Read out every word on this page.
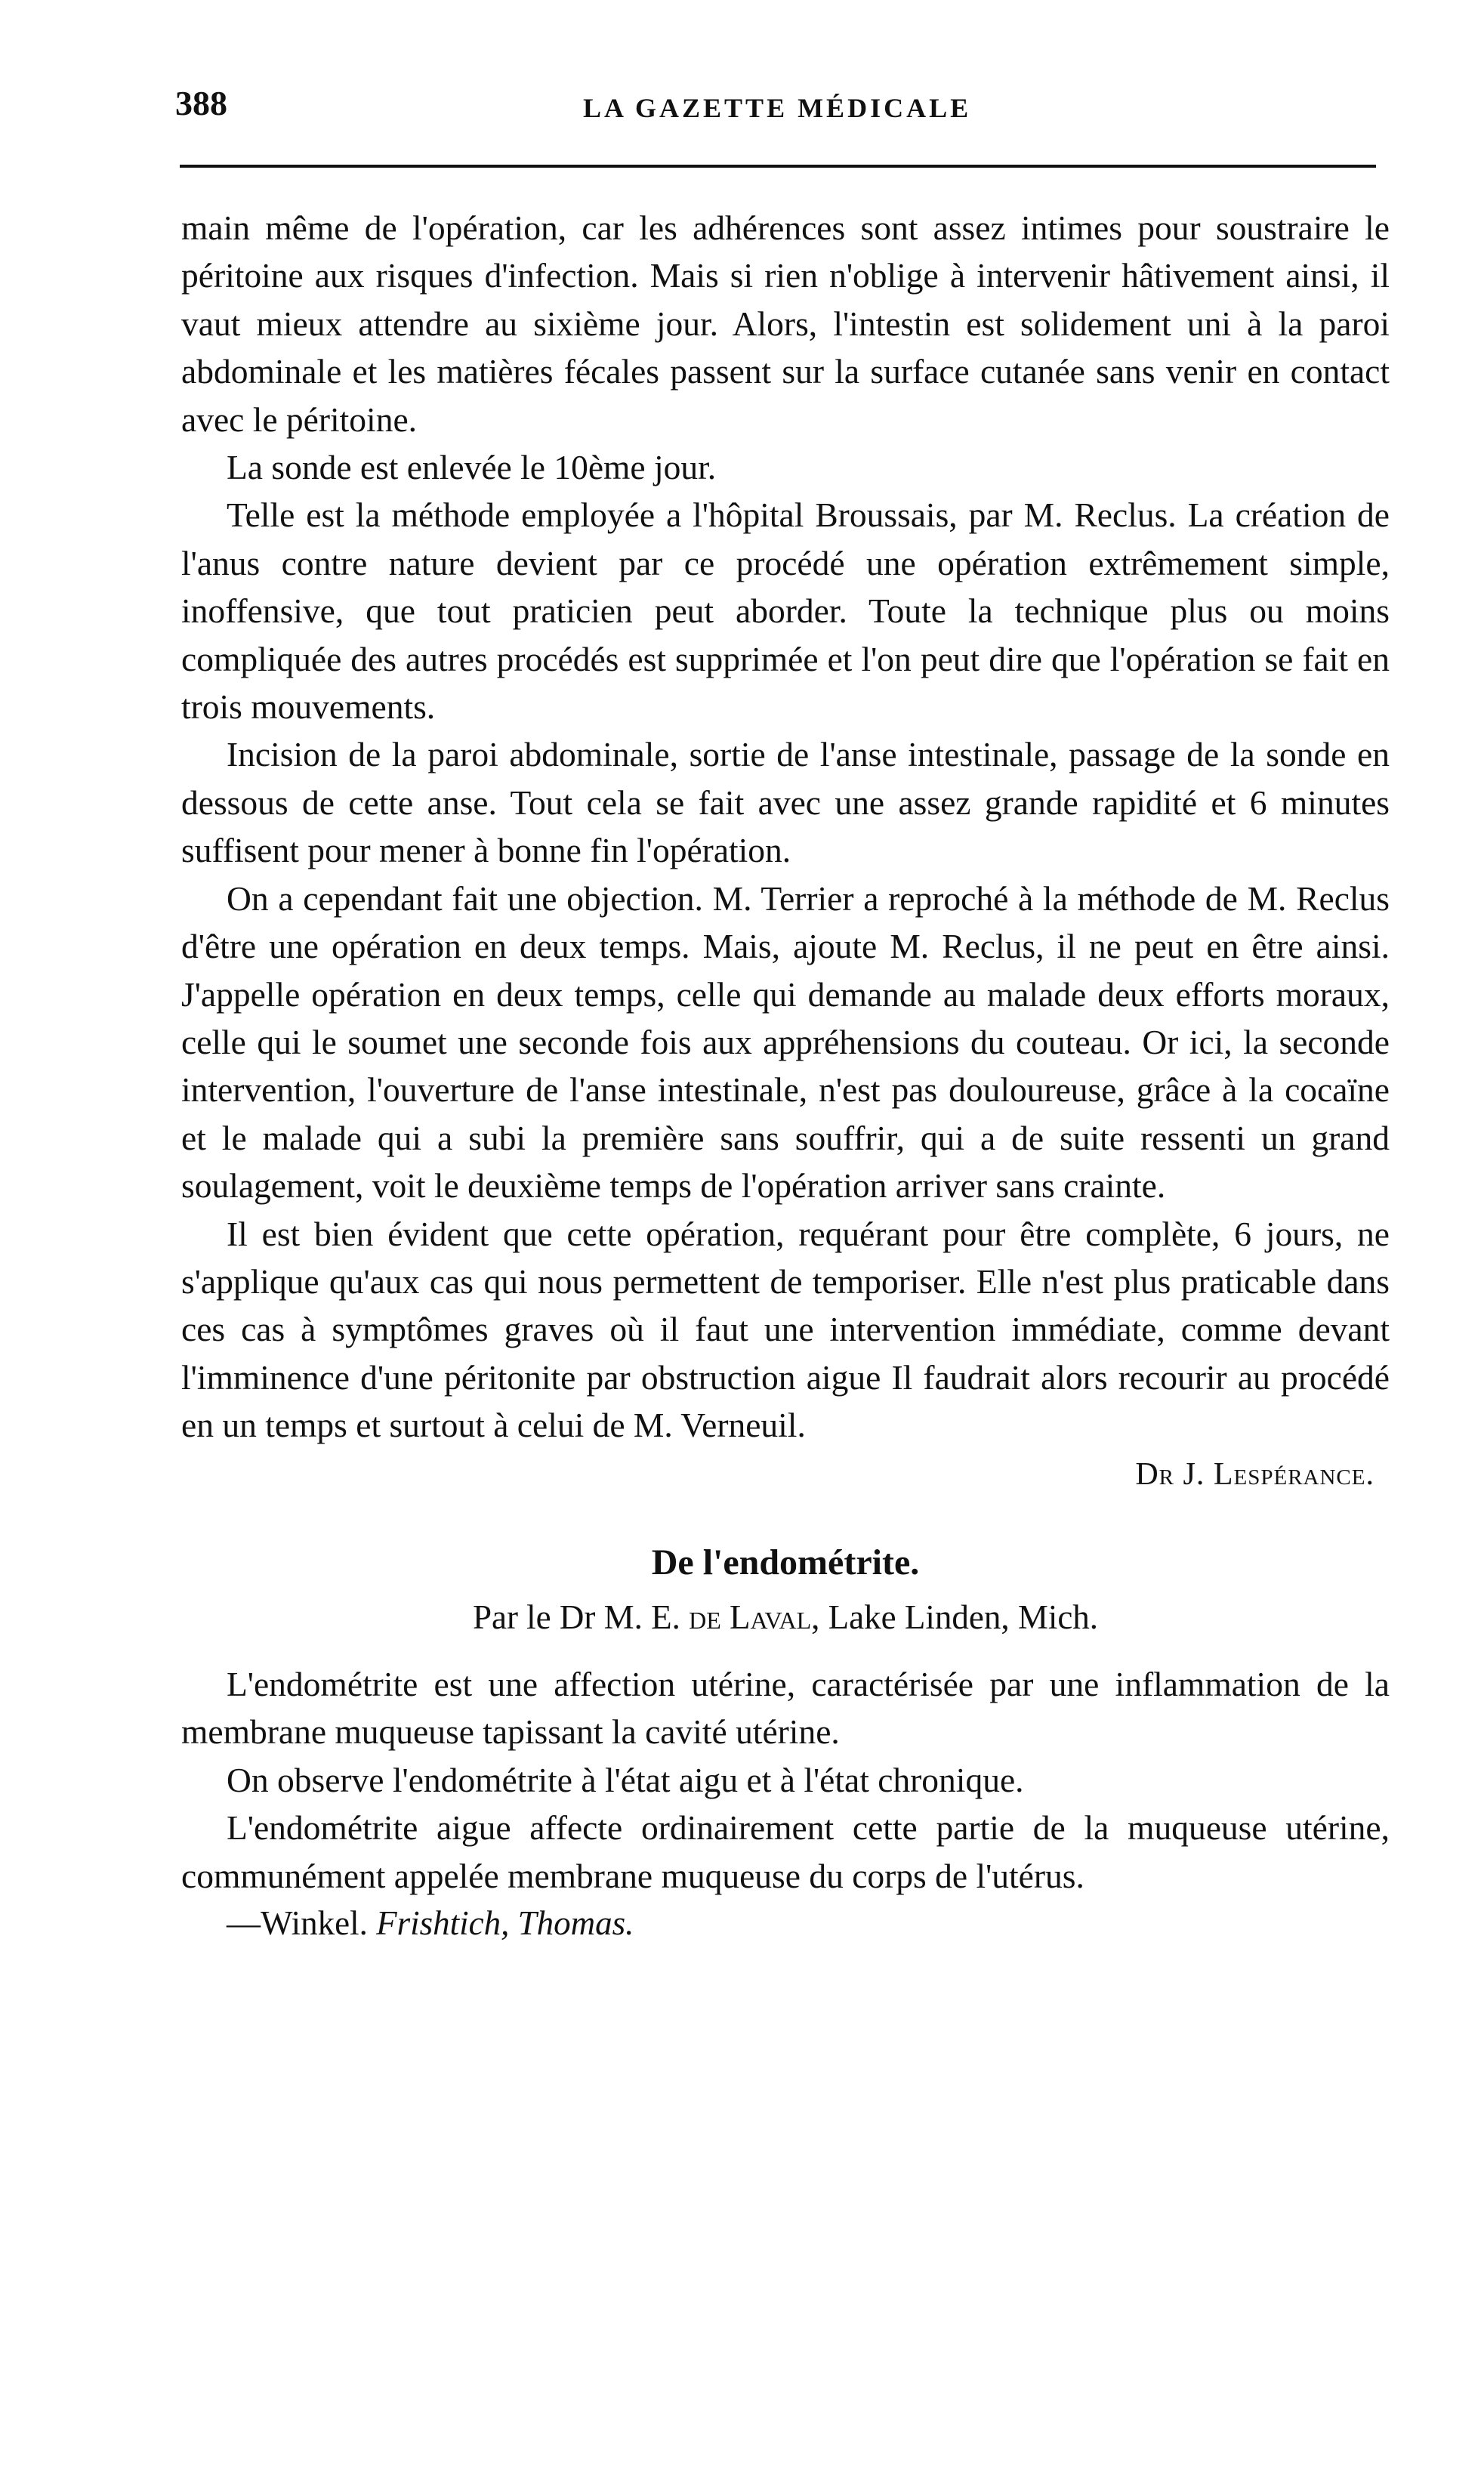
388	LA GAZETTE MÉDICALE

main même de l'opération, car les adhérences sont assez intimes pour soustraire le péritoine aux risques d'infection. Mais si rien n'oblige à intervenir hâtivement ainsi, il vaut mieux attendre au sixième jour. Alors, l'intestin est solidement uni à la paroi abdominale et les matières fécales passent sur la surface cutanée sans venir en contact avec le péritoine.

La sonde est enlevée le 10ème jour.

Telle est la méthode employée a l'hôpital Broussais, par M. Reclus. La création de l'anus contre nature devient par ce procédé une opération extrêmement simple, inoffensive, que tout praticien peut aborder. Toute la technique plus ou moins compliquée des autres procédés est supprimée et l'on peut dire que l'opération se fait en trois mouvements.

Incision de la paroi abdominale, sortie de l'anse intestinale, passage de la sonde en dessous de cette anse. Tout cela se fait avec une assez grande rapidité et 6 minutes suffisent pour mener à bonne fin l'opération.

On a cependant fait une objection. M. Terrier a reproché à la méthode de M. Reclus d'être une opération en deux temps. Mais, ajoute M. Reclus, il ne peut en être ainsi. J'appelle opération en deux temps, celle qui demande au malade deux efforts moraux, celle qui le soumet une seconde fois aux appréhensions du couteau. Or ici, la seconde intervention, l'ouverture de l'anse intestinale, n'est pas douloureuse, grâce à la cocaïne et le malade qui a subi la première sans souffrir, qui a de suite ressenti un grand soulagement, voit le deuxième temps de l'opération arriver sans crainte.

Il est bien évident que cette opération, requérant pour être complète, 6 jours, ne s'applique qu'aux cas qui nous permettent de temporiser. Elle n'est plus praticable dans ces cas à symptômes graves où il faut une intervention immédiate, comme devant l'imminence d'une péritonite par obstruction aigue Il faudrait alors recourir au procédé en un temps et surtout à celui de M. Verneuil.

Dr J. Lespérance.
De l'endométrite.
Par le Dr M. E. de Laval, Lake Linden, Mich.

L'endométrite est une affection utérine, caractérisée par une inflammation de la membrane muqueuse tapissant la cavité utérine.

On observe l'endométrite à l'état aigu et à l'état chronique.

L'endométrite aigue affecte ordinairement cette partie de la muqueuse utérine, communément appelée membrane muqueuse du corps de l'utérus.

—Winkel. Frishtich, Thomas.
